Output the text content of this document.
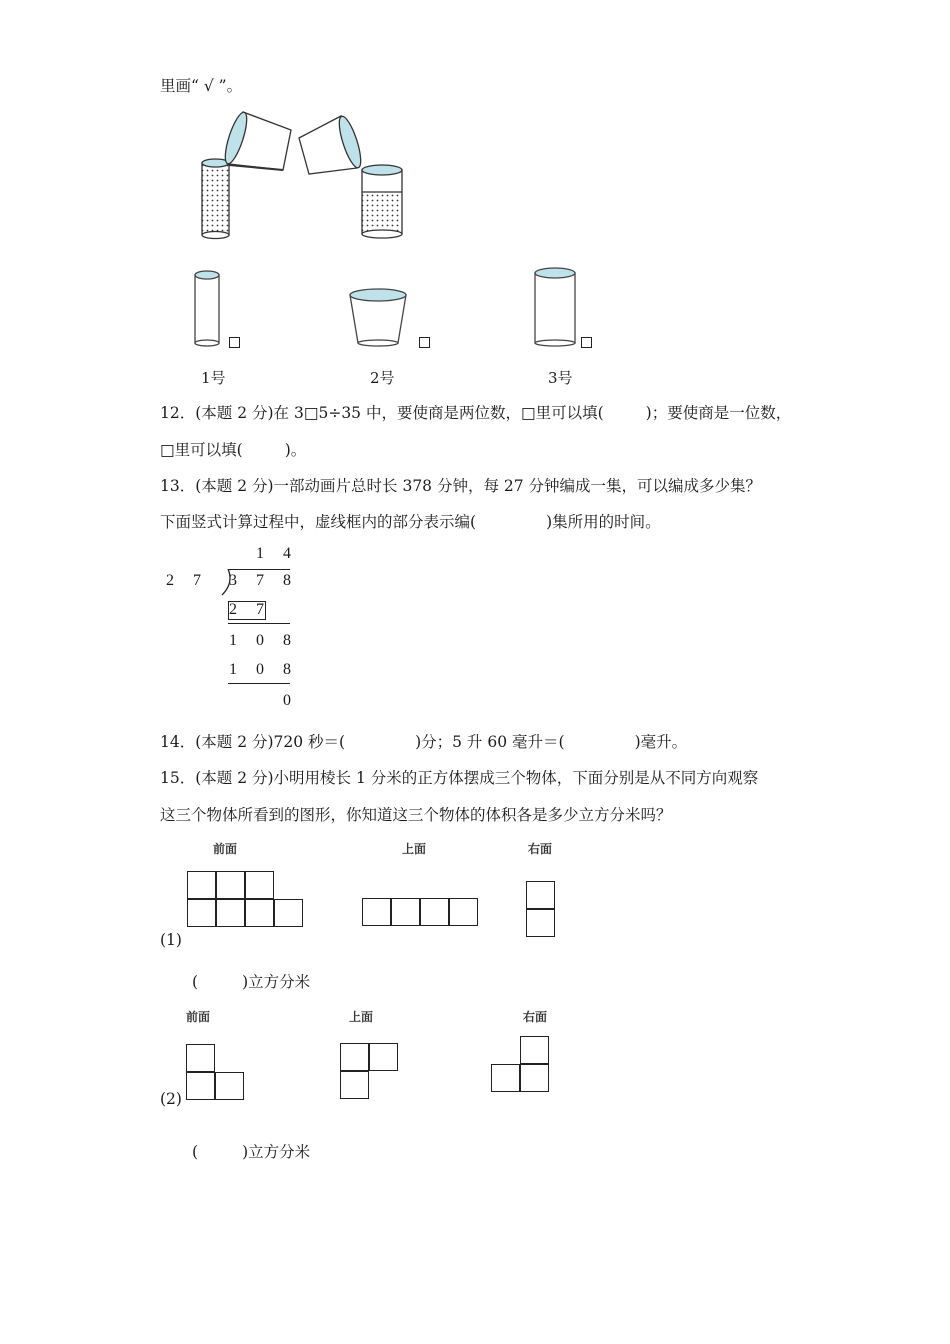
里画“ √ ”。
1号	2号	3号
12．(本题 2 分)在 3□5÷35 中，要使商是两位数，□里可以填(	)；要使商是一位数，
□里可以填(	)。
13．(本题 2 分)一部动画片总时长 378 分钟，每 27 分钟编成一集，可以编成多少集？
下面竖式计算过程中，虚线框内的部分表示编(	)集所用的时间。
1 4
2 7 3 7 8
2 7
1 0 8
1 0 8
0
14．(本题 2 分)720 秒＝(	)分；5 升 60 毫升＝(	)毫升。
15．(本题 2 分)小明用棱长 1 分米的正方体摆成三个物体，下面分别是从不同方向观察
这三个物体所看到的图形，你知道这三个物体的体积各是多少立方分米吗？
前面	上面	右面
(1)
(	)立方分米
前面	上面	右面
(2)
(	)立方分米
